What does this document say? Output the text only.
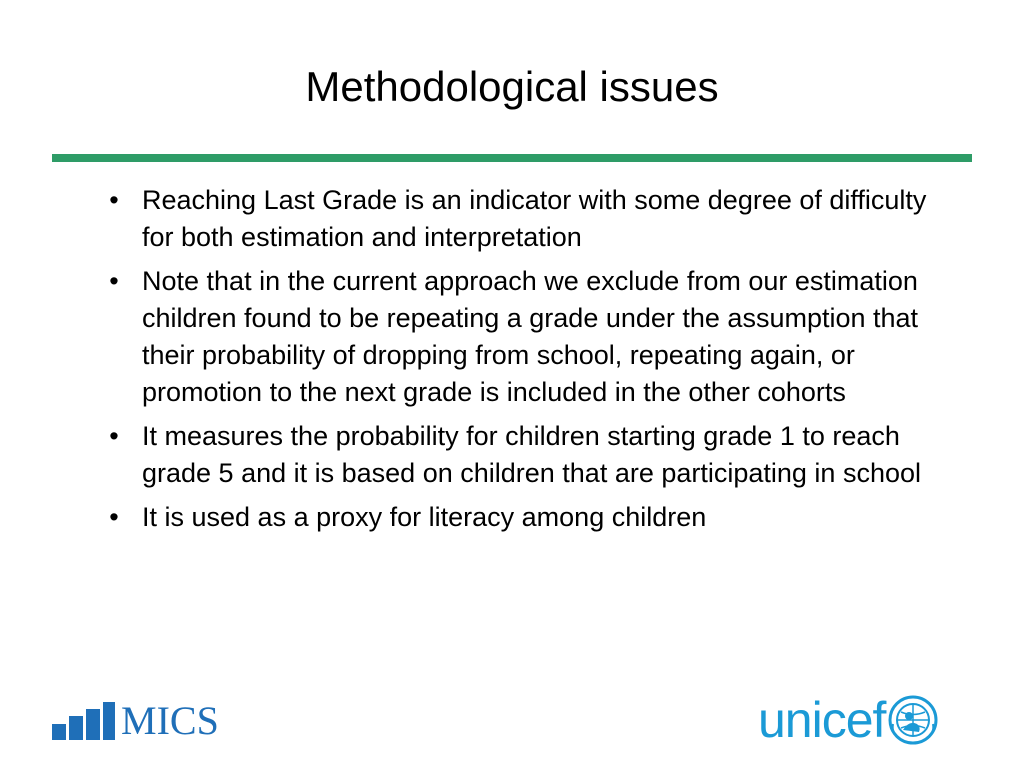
Methodological issues
• Reaching Last Grade is an indicator with some degree of difficulty for both estimation and interpretation
• Note that in the current approach we exclude from our estimation children found to be repeating a grade under the assumption that their probability of dropping from school, repeating again, or promotion to the next grade is included in the other cohorts
• It measures the probability for children starting grade 1 to reach grade 5 and it is based on children that are participating in school
• It is used as a proxy for literacy among children
MICS	unicef
